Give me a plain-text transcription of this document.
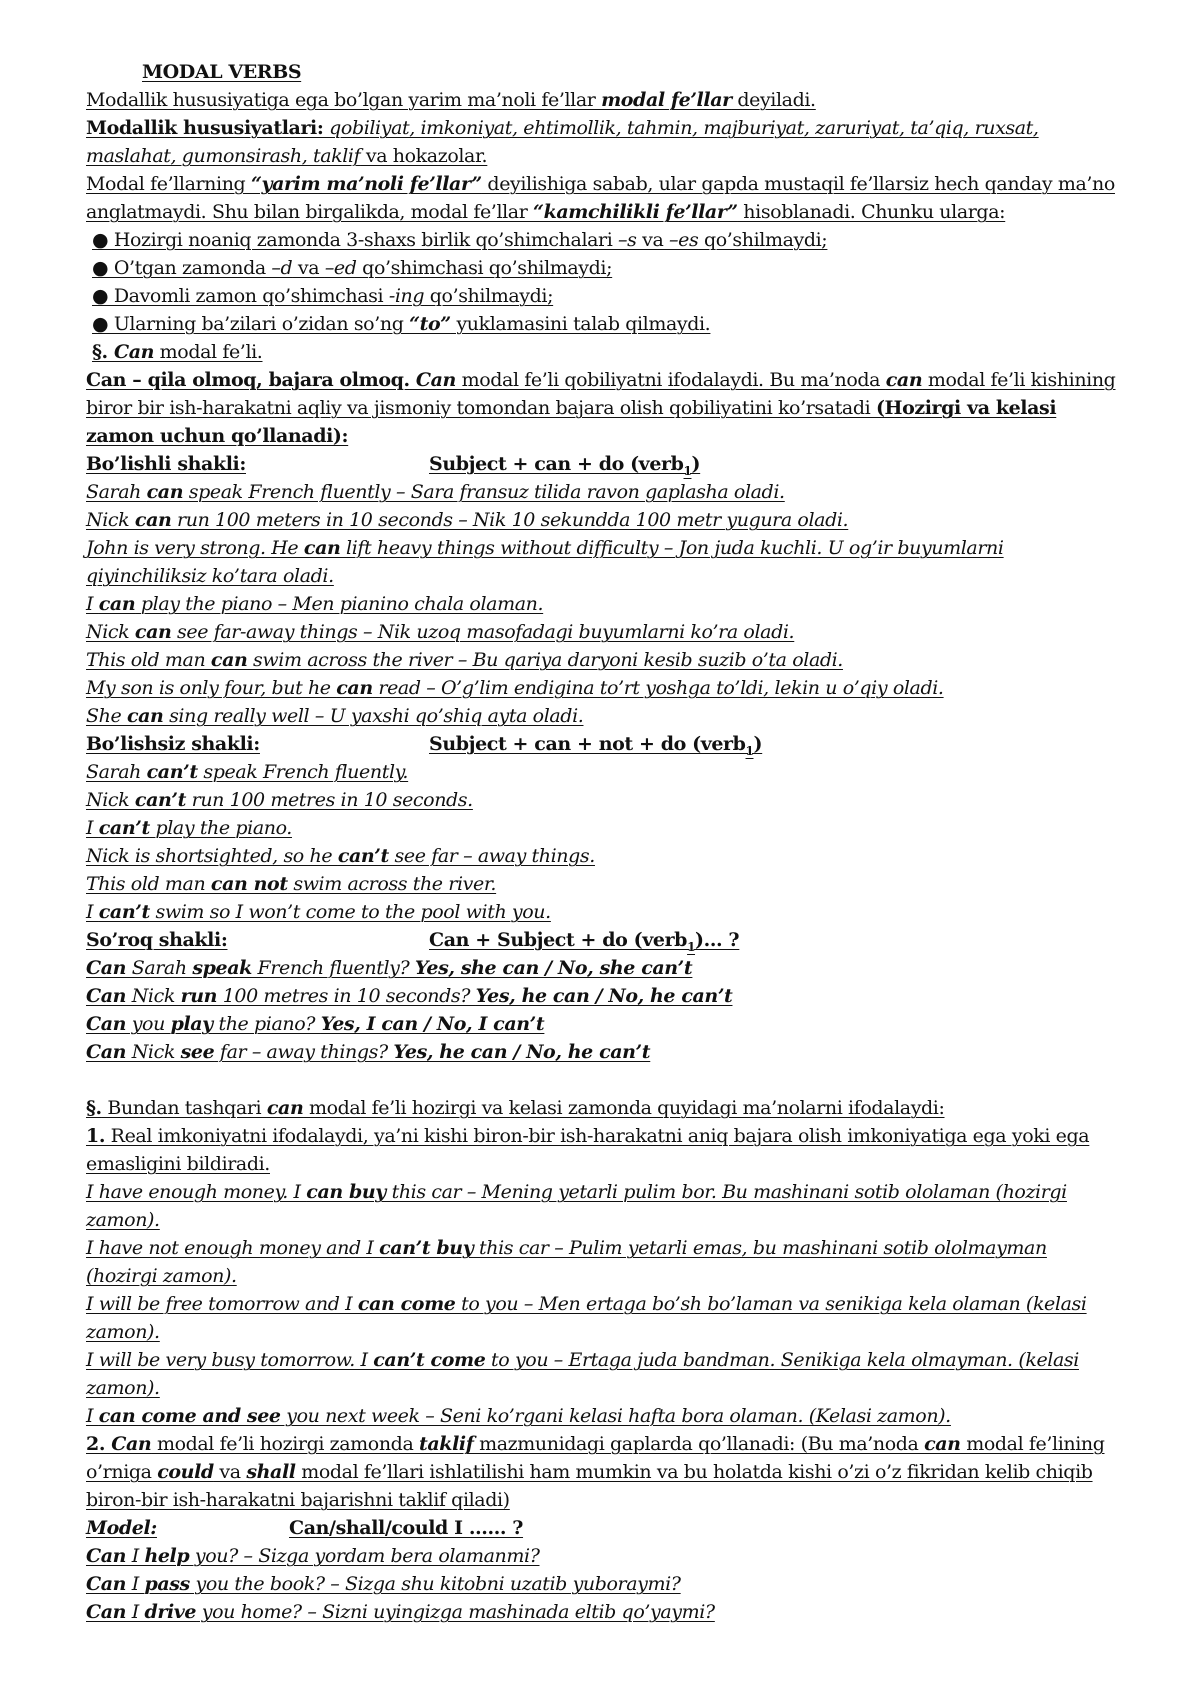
MODAL VERBS
Modallik hususiyatiga ega bo’lgan yarim ma’noli fe’llar modal fe’llar deyiladi.
Modallik hususiyatlari: qobiliyat, imkoniyat, ehtimollik, tahmin, majburiyat, zaruriyat, ta’qiq, ruxsat, maslahat, gumonsirash, taklif va hokazolar.
Modal fe’llarning “yarim ma’noli fe’llar” deyilishiga sabab, ular gapda mustaqil fe’llarsiz hech qanday ma’no anglatmaydi. Shu bilan birgalikda, modal fe’llar “kamchilikli fe’llar” hisoblanadi. Chunku ularga:
● Hozirgi noaniq zamonda 3-shaxs birlik qo’shimchalari –s va –es qo’shilmaydi;
● O’tgan zamonda –d va –ed qo’shimchasi qo’shilmaydi;
● Davomli zamon qo’shimchasi -ing qo’shilmaydi;
● Ularning ba’zilari o’zidan so’ng “to” yuklamasini talab qilmaydi.
§. Can modal fe’li.
Can – qila olmoq, bajara olmoq. Can modal fe’li qobiliyatni ifodalaydi. Bu ma’noda can modal fe’li kishining biror bir ish-harakatni aqliy va jismoniy tomondan bajara olish qobiliyatini ko’rsatadi (Hozirgi va kelasi zamon uchun qo’llanadi):
Bo’lishli shakli:	Subject + can + do (verb$_1$)
Sarah can speak French fluently – Sara fransuz tilida ravon gaplasha oladi.
Nick can run 100 meters in 10 seconds – Nik 10 sekundda 100 metr yugura oladi.
John is very strong. He can lift heavy things without difficulty – Jon juda kuchli. U og’ir buyumlarni qiyinchiliksiz ko’tara oladi.
I can play the piano – Men pianino chala olaman.
Nick can see far-away things – Nik uzoq masofadagi buyumlarni ko’ra oladi.
This old man can swim across the river – Bu qariya daryoni kesib suzib o’ta oladi.
My son is only four, but he can read – O’g’lim endigina to’rt yoshga to’ldi, lekin u o’qiy oladi.
She can sing really well – U yaxshi qo’shiq ayta oladi.
Bo’lishsiz shakli:	Subject + can + not + do (verb$_1$)
Sarah can’t speak French fluently.
Nick can’t run 100 metres in 10 seconds.
I can’t play the piano.
Nick is shortsighted, so he can’t see far – away things.
This old man can not swim across the river.
I can’t swim so I won’t come to the pool with you.
So’roq shakli:	Can + Subject + do (verb$_1$)… ?
Can Sarah speak French fluently? Yes, she can / No, she can’t
Can Nick run 100 metres in 10 seconds? Yes, he can / No, he can’t
Can you play the piano? Yes, I can / No, I can’t
Can Nick see far – away things? Yes, he can / No, he can’t
§. Bundan tashqari can modal fe’li hozirgi va kelasi zamonda quyidagi ma’nolarni ifodalaydi:
1. Real imkoniyatni ifodalaydi, ya’ni kishi biron-bir ish-harakatni aniq bajara olish imkoniyatiga ega yoki ega emasligini bildiradi.
I have enough money. I can buy this car – Mening yetarli pulim bor. Bu mashinani sotib ololaman (hozirgi zamon).
I have not enough money and I can’t buy this car – Pulim yetarli emas, bu mashinani sotib ololmayman (hozirgi zamon).
I will be free tomorrow and I can come to you – Men ertaga bo’sh bo’laman va senikiga kela olaman (kelasi zamon).
I will be very busy tomorrow. I can’t come to you – Ertaga juda bandman. Senikiga kela olmayman. (kelasi zamon).
I can come and see you next week – Seni ko’rgani kelasi hafta bora olaman. (Kelasi zamon).
2. Can modal fe’li hozirgi zamonda taklif mazmunidagi gaplarda qo’llanadi: (Bu ma’noda can modal fe’lining o’rniga could va shall modal fe’llari ishlatilishi ham mumkin va bu holatda kishi o’zi o’z fikridan kelib chiqib biron-bir ish-harakatni bajarishni taklif qiladi)
Model:	Can/shall/could I …… ?
Can I help you? – Sizga yordam bera olamanmi?
Can I pass you the book? – Sizga shu kitobni uzatib yuboraymi?
Can I drive you home? – Sizni uyingizga mashinada eltib qo’yaymi?
